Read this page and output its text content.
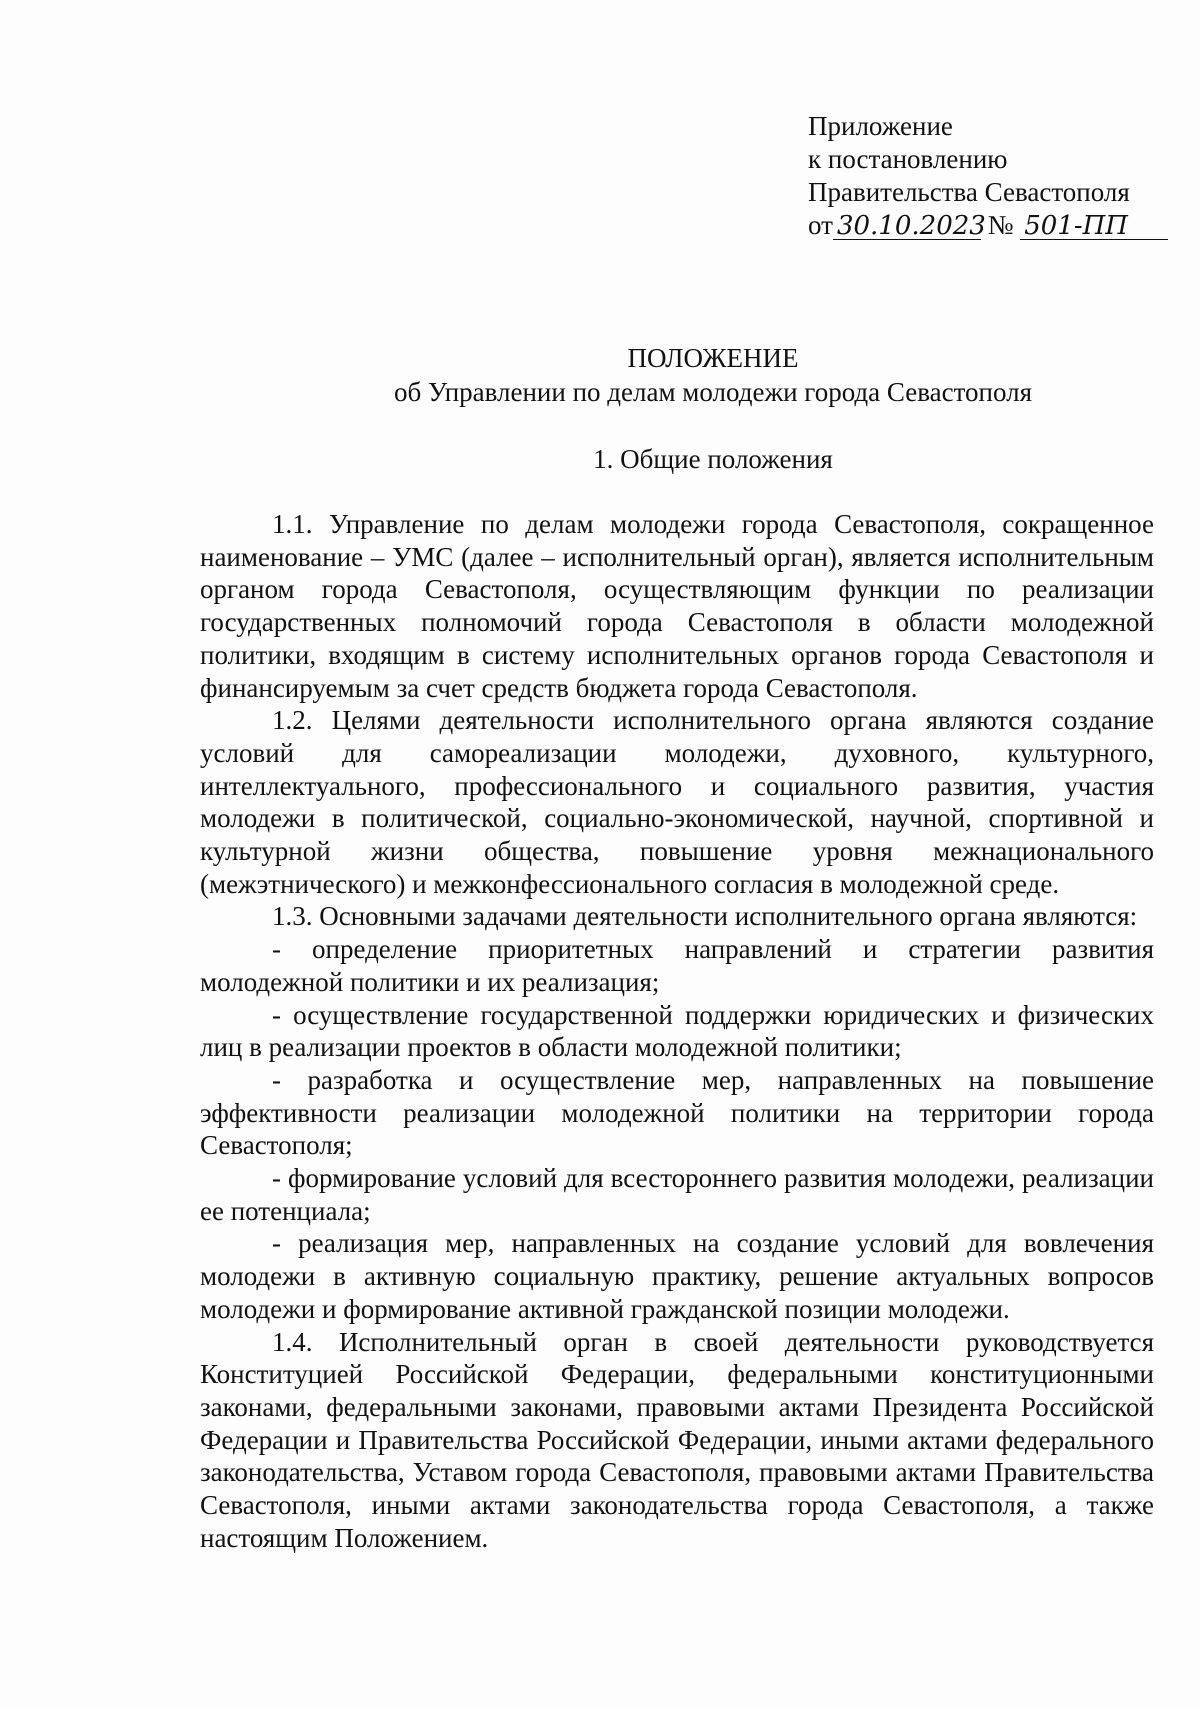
Приложение
к постановлению
Правительства Севастополя
от 30.10.2023 № 501-ПП
ПОЛОЖЕНИЕ
об Управлении по делам молодежи города Севастополя
1. Общие положения

1.1. Управление по делам молодежи города Севастополя, сокращенное наименование – УМС (далее – исполнительный орган), является исполнительным органом города Севастополя, осуществляющим функции по реализации государственных полномочий города Севастополя в области молодежной политики, входящим в систему исполнительных органов города Севастополя и финансируемым за счет средств бюджета города Севастополя.

1.2. Целями деятельности исполнительного органа являются создание условий для самореализации молодежи, духовного, культурного, интеллектуального, профессионального и социального развития, участия молодежи в политической, социально-экономической, научной, спортивной и культурной жизни общества, повышение уровня межнационального (межэтнического) и межконфессионального согласия в молодежной среде.

1.3. Основными задачами деятельности исполнительного органа являются:

- определение приоритетных направлений и стратегии развития молодежной политики и их реализация;

- осуществление государственной поддержки юридических и физических лиц в реализации проектов в области молодежной политики;

- разработка и осуществление мер, направленных на повышение эффективности реализации молодежной политики на территории города Севастополя;

- формирование условий для всестороннего развития молодежи, реализации ее потенциала;

- реализация мер, направленных на создание условий для вовлечения молодежи в активную социальную практику, решение актуальных вопросов молодежи и формирование активной гражданской позиции молодежи.

1.4. Исполнительный орган в своей деятельности руководствуется Конституцией Российской Федерации, федеральными конституционными законами, федеральными законами, правовыми актами Президента Российской Федерации и Правительства Российской Федерации, иными актами федерального законодательства, Уставом города Севастополя, правовыми актами Правительства Севастополя, иными актами законодательства города Севастополя, а также настоящим Положением.
